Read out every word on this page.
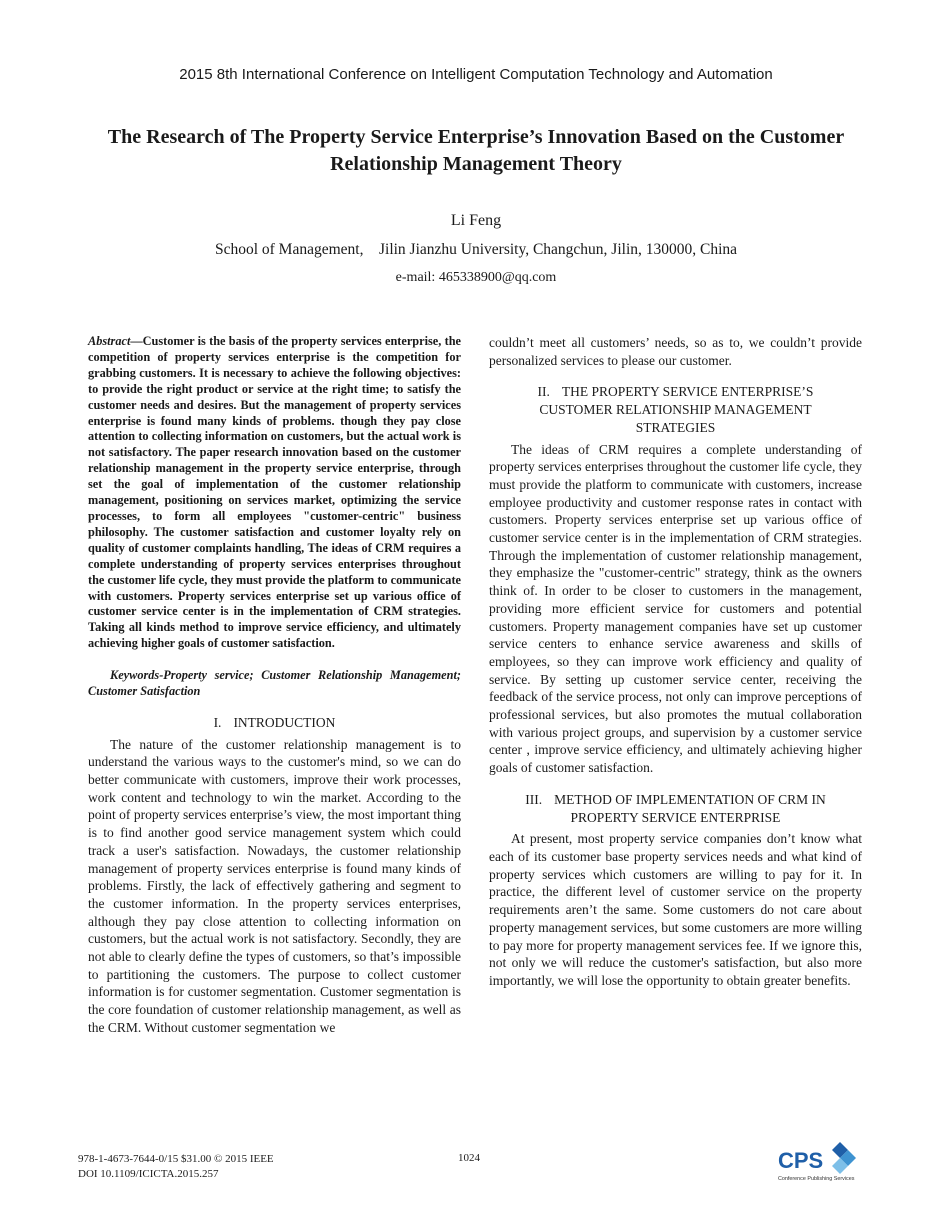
2015 8th International Conference on Intelligent Computation Technology and Automation
The Research of The Property Service Enterprise’s Innovation Based on the Customer Relationship Management Theory
Li Feng
School of Management,    Jilin Jianzhu University, Changchun, Jilin, 130000, China
e-mail: 465338900@qq.com

Abstract—Customer is the basis of the property services enterprise, the competition of property services enterprise is the competition for grabbing customers. It is necessary to achieve the following objectives: to provide the right product or service at the right time; to satisfy the customer needs and desires. But the management of property services enterprise is found many kinds of problems. though they pay close attention to collecting information on customers, but the actual work is not satisfactory. The paper research innovation based on the customer relationship management in the property service enterprise, through set the goal of implementation of the customer relationship management, positioning on services market, optimizing the service processes, to form all employees "customer-centric" business philosophy. The customer satisfaction and customer loyalty rely on quality of customer complaints handling, The ideas of CRM requires a complete understanding of property services enterprises throughout the customer life cycle, they must provide the platform to communicate with customers. Property services enterprise set up various office of customer service center is in the implementation of CRM strategies. Taking all kinds method to improve service efficiency, and ultimately achieving higher goals of customer satisfaction.

Keywords-Property service; Customer Relationship Management; Customer Satisfaction

I. INTRODUCTION

The nature of the customer relationship management is to understand the various ways to the customer's mind, so we can do better communicate with customers, improve their work processes, work content and technology to win the market. According to the point of property services enterprise’s view, the most important thing is to find another good service management system which could track a user's satisfaction. Nowadays, the customer relationship management of property services enterprise is found many kinds of problems. Firstly, the lack of effectively gathering and segment to the customer information. In the property services enterprises, although they pay close attention to collecting information on customers, but the actual work is not satisfactory. Secondly, they are not able to clearly define the types of customers, so that’s impossible to partitioning the customers. The purpose to collect customer information is for customer segmentation. Customer segmentation is the core foundation of customer relationship management, as well as the CRM. Without customer segmentation we

couldn’t meet all customers’ needs, so as to, we couldn’t provide personalized services to please our customer.

II. THE PROPERTY SERVICE ENTERPRISE’S CUSTOMER RELATIONSHIP MANAGEMENT STRATEGIES

The ideas of CRM requires a complete understanding of property services enterprises throughout the customer life cycle, they must provide the platform to communicate with customers, increase employee productivity and customer response rates in contact with customers. Property services enterprise set up various office of customer service center is in the implementation of CRM strategies. Through the implementation of customer relationship management, they emphasize the "customer-centric" strategy, think as the owners think of. In order to be closer to customers in the management, providing more efficient service for customers and potential customers. Property management companies have set up customer service centers to enhance service awareness and skills of employees, so they can improve work efficiency and quality of service. By setting up customer service center, receiving the feedback of the service process, not only can improve perceptions of professional services, but also promotes the mutual collaboration with various project groups, and supervision by a customer service center , improve service efficiency, and ultimately achieving higher goals of customer satisfaction.

III. METHOD OF IMPLEMENTATION OF CRM IN PROPERTY SERVICE ENTERPRISE

At present, most property service companies don’t know what each of its customer base property services needs and what kind of property services which customers are willing to pay for it. In practice, the different level of customer service on the property requirements aren’t the same. Some customers do not care about property management services, but some customers are more willing to pay more for property management services fee. If we ignore this, not only we will reduce the customer's satisfaction, but also more importantly, we will lose the opportunity to obtain greater benefits.

978-1-4673-7644-0/15 $31.00 © 2015 IEEE
DOI 10.1109/ICICTA.2015.257
1024	CPS
Conference Publishing Services
